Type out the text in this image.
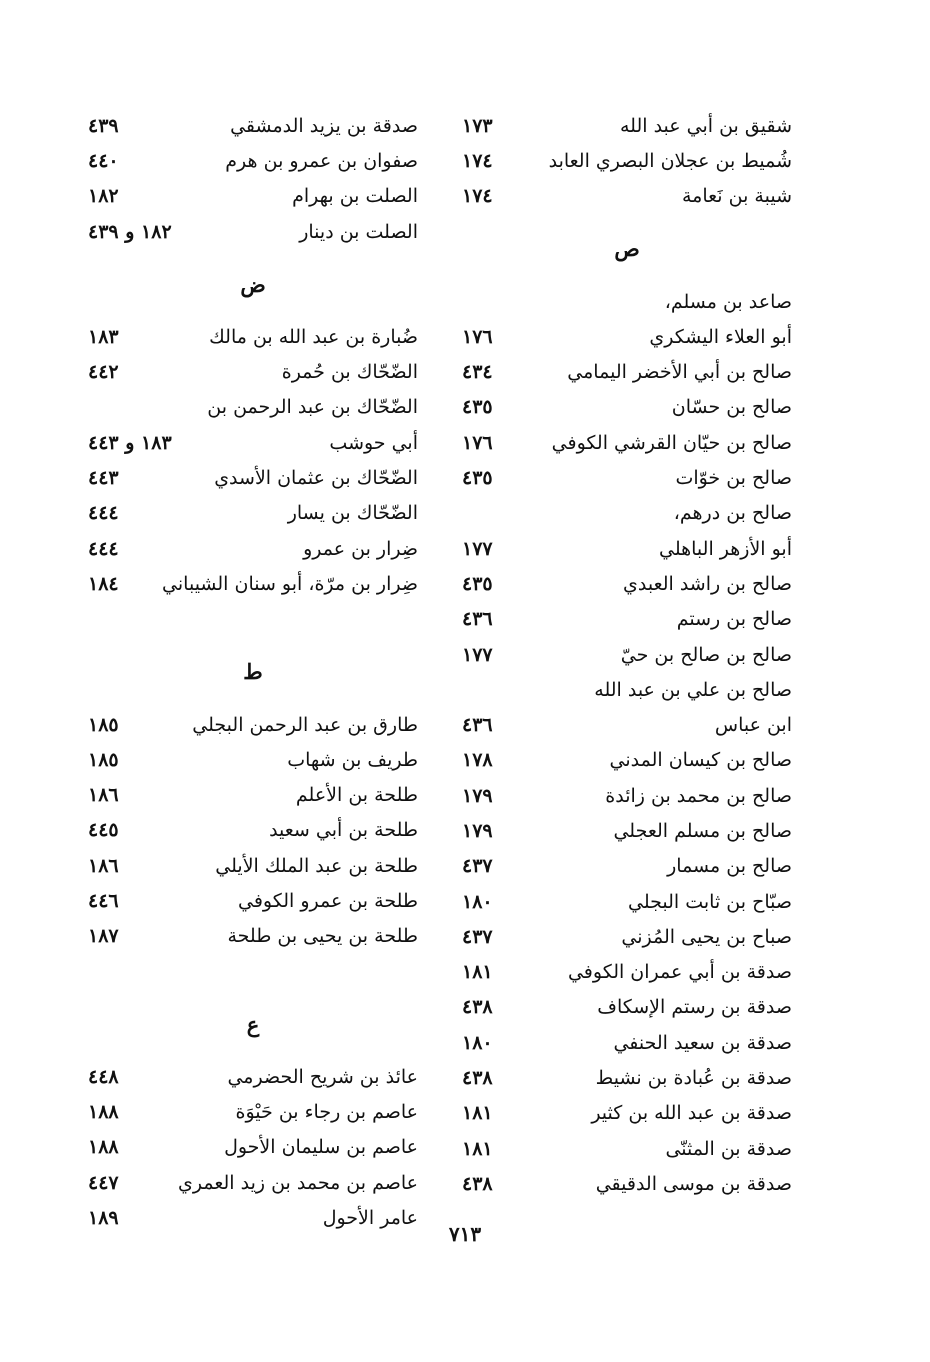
شقيق بن أبي عبد الله
١٧٣
شُميط بن عجلان البصري العابد
١٧٤
شيبة بن نَعامة
١٧٤
ص
صاعد بن مسلم،
أبو العلاء اليشكري
١٧٦
صالح بن أبي الأخضر اليمامي
٤٣٤
صالح بن حسّان
٤٣٥
صالح بن حيّان القرشي الكوفي
١٧٦
صالح بن خوّات
٤٣٥
صالح بن درهم،
أبو الأزهر الباهلي
١٧٧
صالح بن راشد العبدي
٤٣٥
صالح بن رستم
٤٣٦
صالح بن صالح بن حيّ
١٧٧
صالح بن علي بن عبد الله
ابن عباس
٤٣٦
صالح بن كيسان المدني
١٧٨
صالح بن محمد بن زائدة
١٧٩
صالح بن مسلم العجلي
١٧٩
صالح بن مسمار
٤٣٧
صبّاح بن ثابت البجلي
١٨٠
صباح بن يحيى المُزني
٤٣٧
صدقة بن أبي عمران الكوفي
١٨١
صدقة بن رستم الإسكاف
٤٣٨
صدقة بن سعيد الحنفي
١٨٠
صدقة بن عُبادة بن نشيط
٤٣٨
صدقة بن عبد الله بن كثير
١٨١
صدقة بن المثنّى
١٨١
صدقة بن موسى الدقيقي
٤٣٨
صدقة بن يزيد الدمشقي
٤٣٩
صفوان بن عمرو بن هرم
٤٤٠
الصلت بن بهرام
١٨٢
الصلت بن دينار
١٨٢ و ٤٣٩
ض
ضُبارة بن عبد الله بن مالك
١٨٣
الضّحّاك بن حُمرة
٤٤٢
الضّحّاك بن عبد الرحمن بن
أبي حوشب
١٨٣ و ٤٤٣
الضّحّاك بن عثمان الأسدي
٤٤٣
الضّحّاك بن يسار
٤٤٤
ضِرار بن عمرو
٤٤٤
ضِرار بن مرّة، أبو سنان الشيباني
١٨٤
ط
طارق بن عبد الرحمن البجلي
١٨٥
طريف بن شهاب
١٨٥
طلحة بن الأعلم
١٨٦
طلحة بن أبي سعيد
٤٤٥
طلحة بن عبد الملك الأيلي
١٨٦
طلحة بن عمرو الكوفي
٤٤٦
طلحة بن يحيى بن طلحة
١٨٧
ع
عائذ بن شريح الحضرمي
٤٤٨
عاصم بن رجاء بن حَيْوَة
١٨٨
عاصم بن سليمان الأحول
١٨٨
عاصم بن محمد بن زيد العمري
٤٤٧
عامر الأحول
١٨٩
٧١٣
